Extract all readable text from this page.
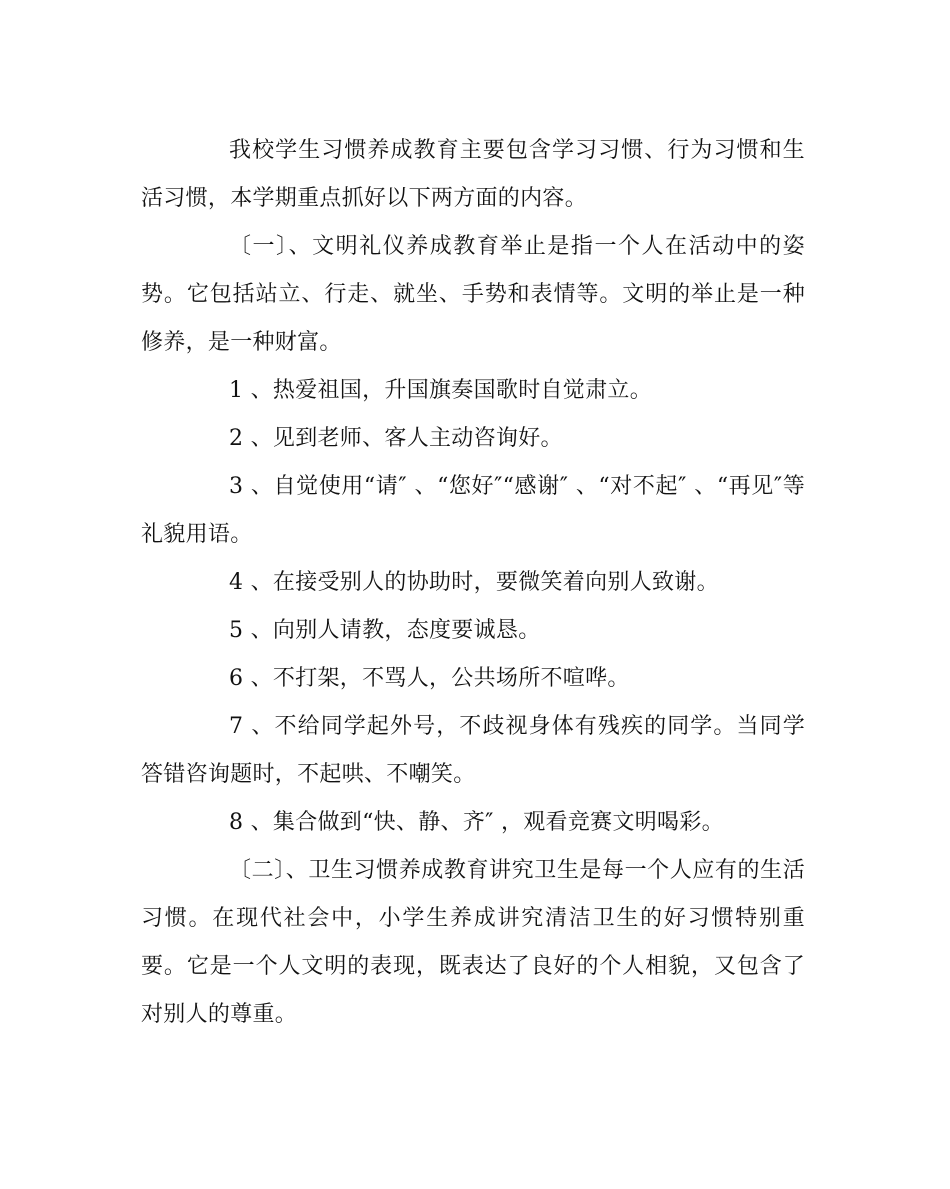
我校学生习惯养成教育主要包含学习习惯、行为习惯和生活习惯，本学期重点抓好以下两方面的内容。

〔一〕、文明礼仪养成教育举止是指一个人在活动中的姿势。它包括站立、行走、就坐、手势和表情等。文明的举止是一种修养，是一种财富。

1 、热爱祖国，升国旗奏国歌时自觉肃立。

2 、见到老师、客人主动咨询好。

3 、自觉使用“请″ 、“您好″“感谢″ 、“对不起″ 、“再见″等礼貌用语。

4 、在接受别人的协助时，要微笑着向别人致谢。

5 、向别人请教，态度要诚恳。

6 、不打架，不骂人，公共场所不喧哗。

7 、不给同学起外号，不歧视身体有残疾的同学。当同学答错咨询题时，不起哄、不嘲笑。

8 、集合做到“快、静、齐″ ，观看竞赛文明喝彩。

〔二〕、卫生习惯养成教育讲究卫生是每一个人应有的生活习惯。在现代社会中，小学生养成讲究清洁卫生的好习惯特别重要。它是一个人文明的表现，既表达了良好的个人相貌，又包含了对别人的尊重。
